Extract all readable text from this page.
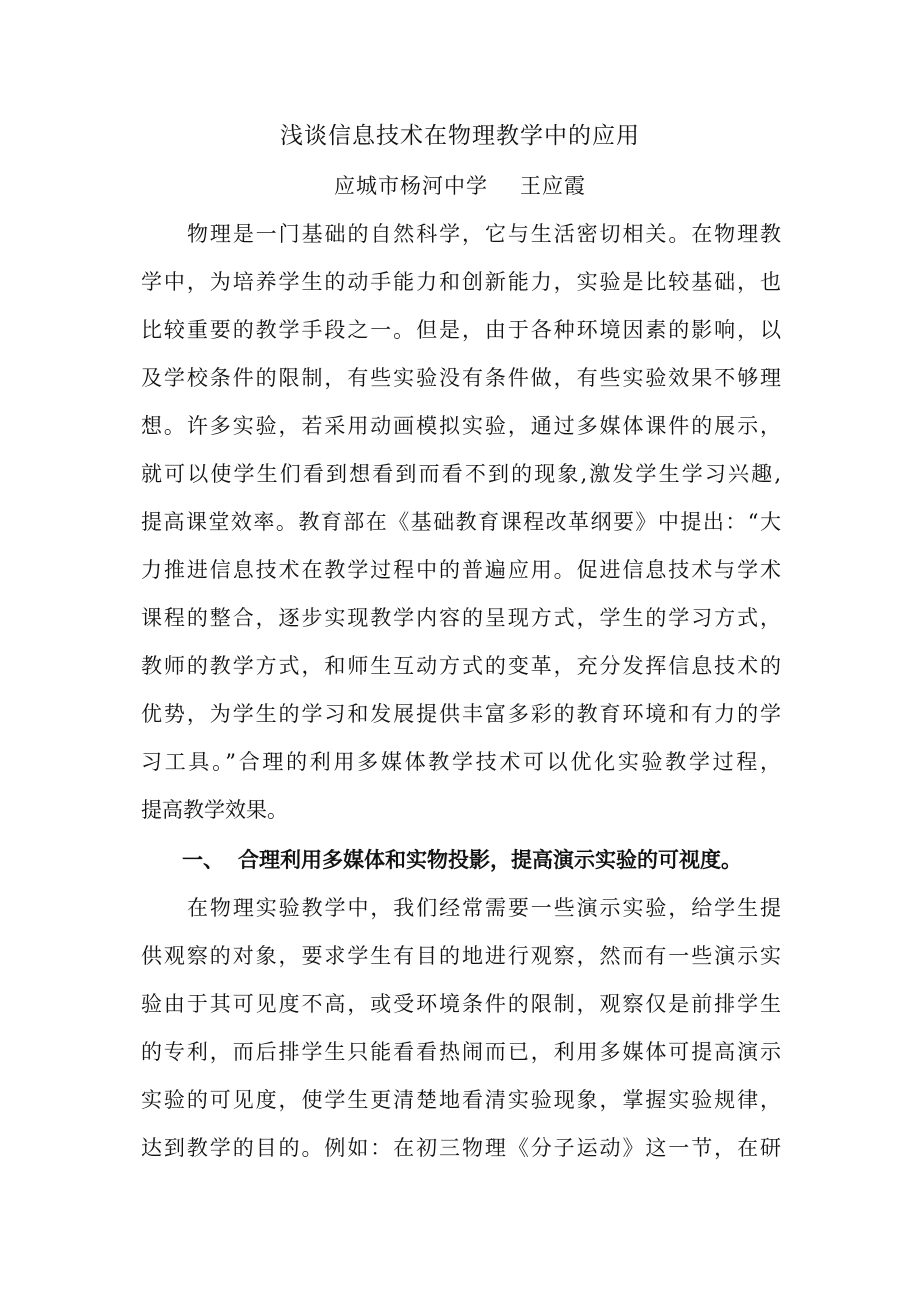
浅谈信息技术在物理教学中的应用
应城市杨河中学 王应霞
物理是一门基础的自然科学，它与生活密切相关。在物理教
学中，为培养学生的动手能力和创新能力，实验是比较基础，也
比较重要的教学手段之一。但是，由于各种环境因素的影响，以
及学校条件的限制，有些实验没有条件做，有些实验效果不够理
想。许多实验，若采用动画模拟实验，通过多媒体课件的展示，
就可以使学生们看到想看到而看不到的现象,激发学生学习兴趣,
提高课堂效率。教育部在《基础教育课程改革纲要》中提出：“大
力推进信息技术在教学过程中的普遍应用。促进信息技术与学术
课程的整合，逐步实现教学内容的呈现方式，学生的学习方式，
教师的教学方式，和师生互动方式的变革，充分发挥信息技术的
优势，为学生的学习和发展提供丰富多彩的教育环境和有力的学
习工具。”合理的利用多媒体教学技术可以优化实验教学过程，
提高教学效果。
一、 合理利用多媒体和实物投影，提高演示实验的可视度。
在物理实验教学中，我们经常需要一些演示实验，给学生提
供观察的对象，要求学生有目的地进行观察，然而有一些演示实
验由于其可见度不高，或受环境条件的限制，观察仅是前排学生
的专利，而后排学生只能看看热闹而已，利用多媒体可提高演示
实验的可见度，使学生更清楚地看清实验现象，掌握实验规律，
达到教学的目的。例如：在初三物理《分子运动》这一节，在研
